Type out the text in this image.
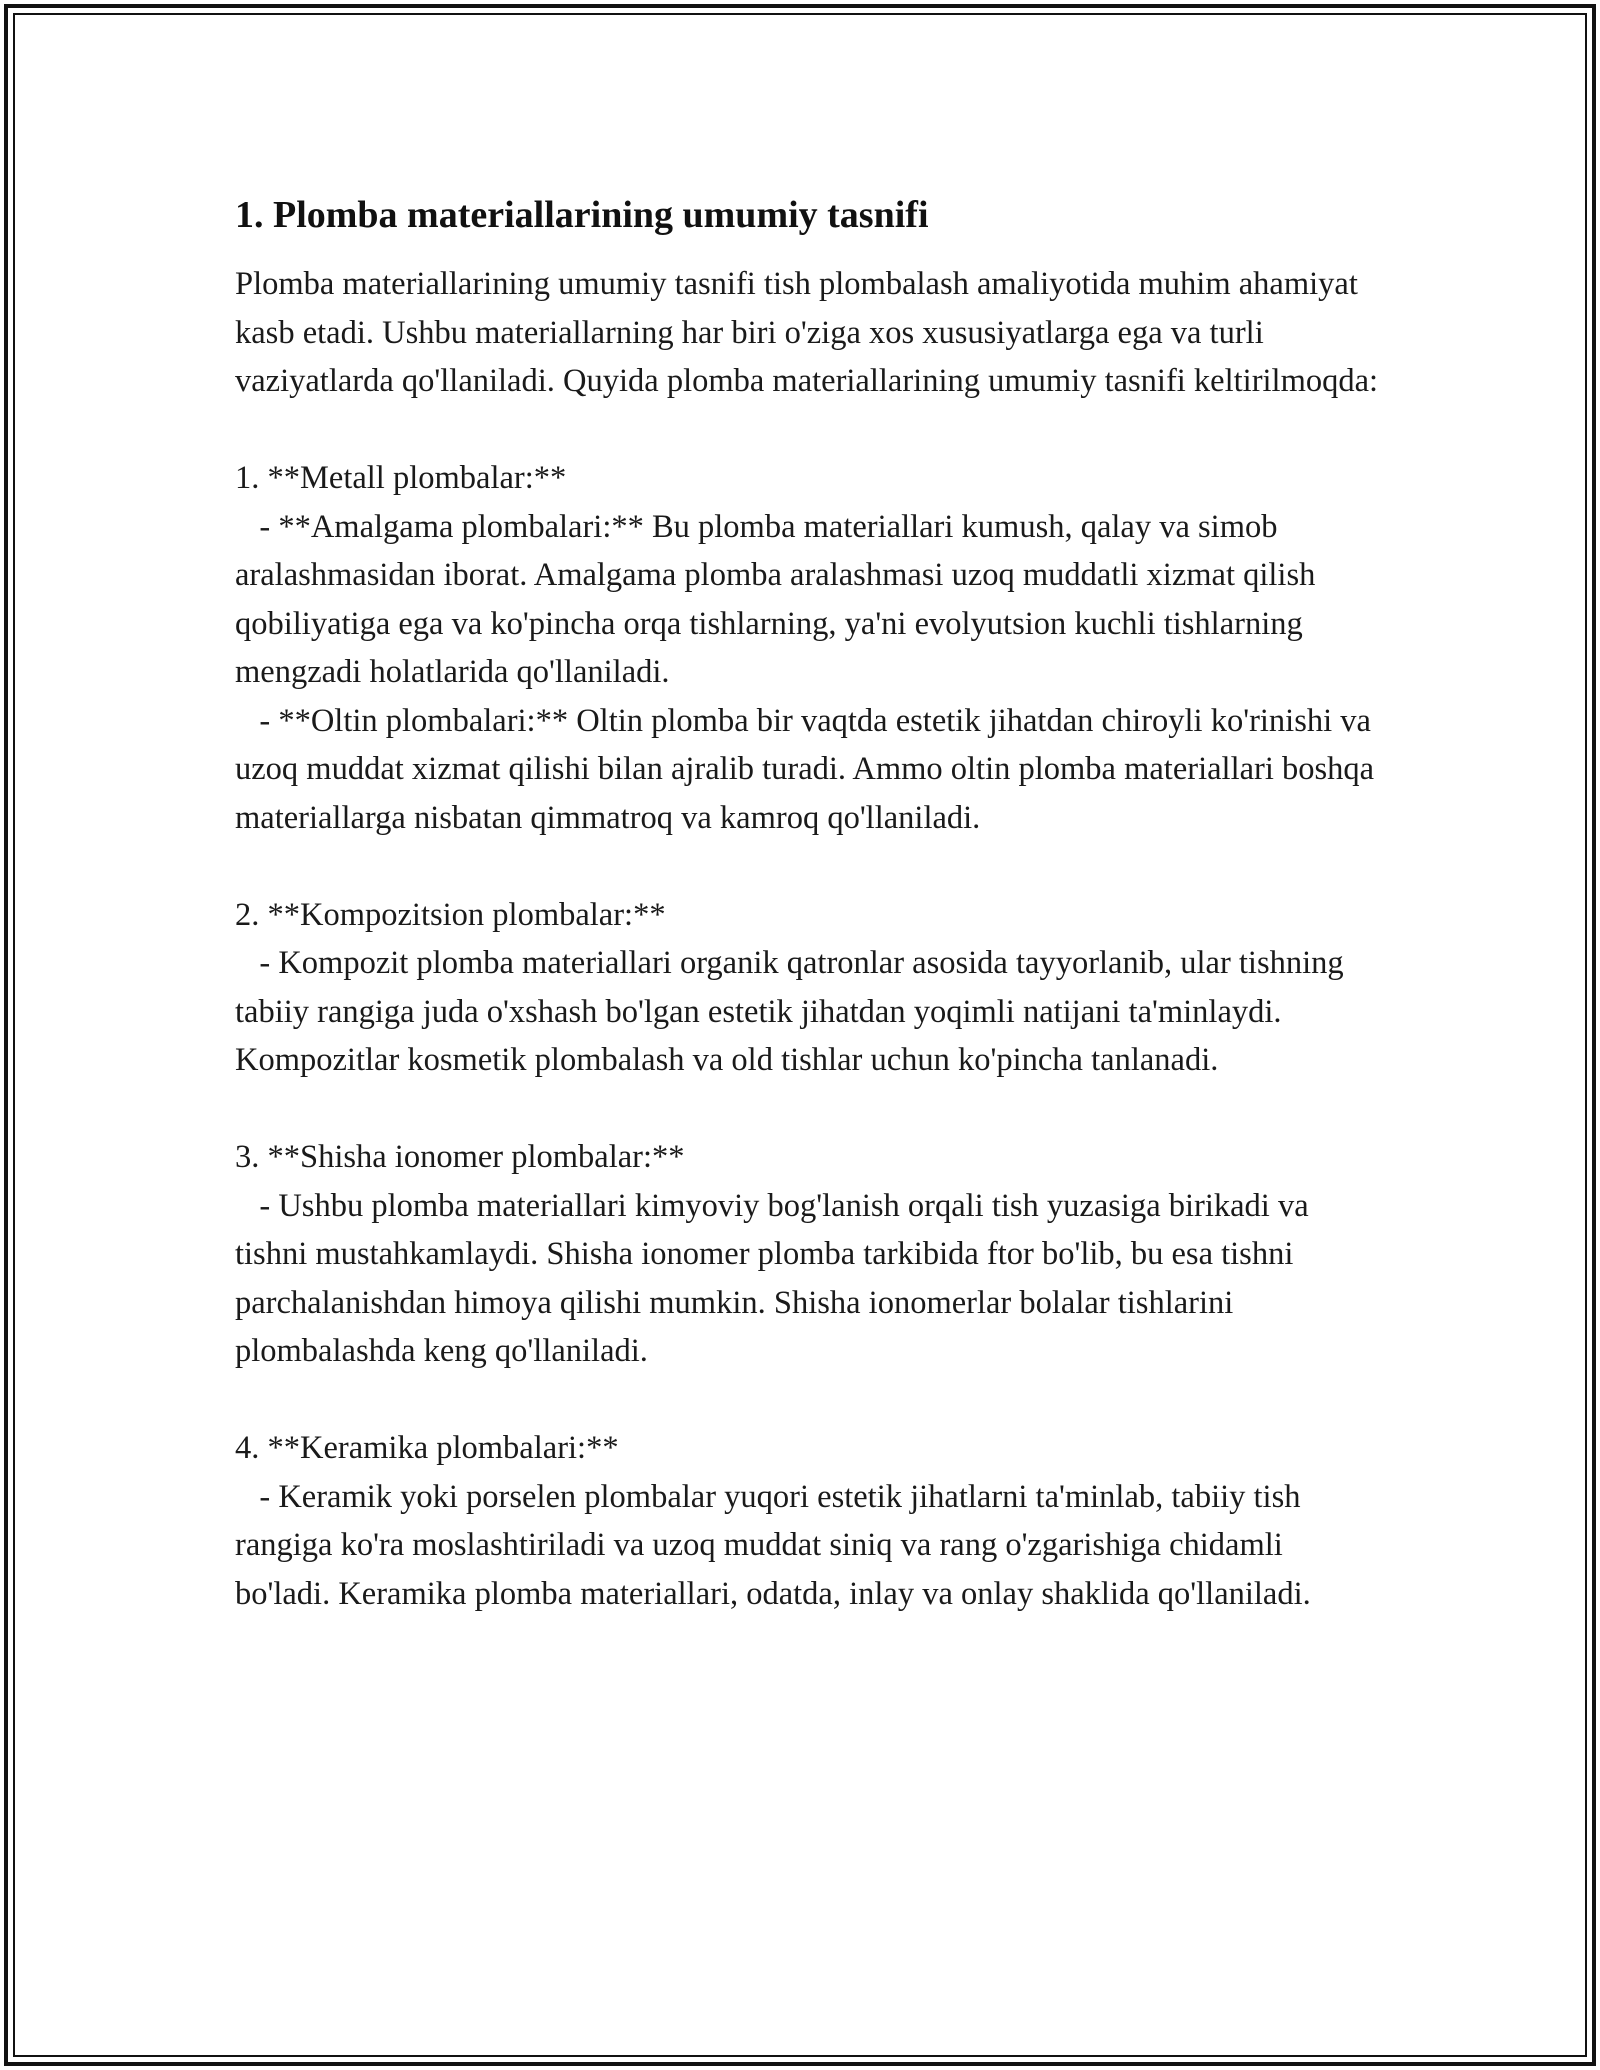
1. Plomba materiallarining umumiy tasnifi

Plomba materiallarining umumiy tasnifi tish plombalash amaliyotida muhim ahamiyat kasb etadi. Ushbu materiallarning har biri o'ziga xos xususiyatlarga ega va turli vaziyatlarda qo'llaniladi. Quyida plomba materiallarining umumiy tasnifi keltirilmoqda:

1. **Metall plombalar:**
- **Amalgama plombalari:** Bu plomba materiallari kumush, qalay va simob aralashmasidan iborat. Amalgama plomba aralashmasi uzoq muddatli xizmat qilish qobiliyatiga ega va ko'pincha orqa tishlarning, ya'ni evolyutsion kuchli tishlarning mengzadi holatlarida qo'llaniladi.
- **Oltin plombalari:** Oltin plomba bir vaqtda estetik jihatdan chiroyli ko'rinishi va uzoq muddat xizmat qilishi bilan ajralib turadi. Ammo oltin plomba materiallari boshqa materiallarga nisbatan qimmatroq va kamroq qo'llaniladi.

2. **Kompozitsion plombalar:**
- Kompozit plomba materiallari organik qatronlar asosida tayyorlanib, ular tishning tabiiy rangiga juda o'xshash bo'lgan estetik jihatdan yoqimli natijani ta'minlaydi. Kompozitlar kosmetik plombalash va old tishlar uchun ko'pincha tanlanadi.

3. **Shisha ionomer plombalar:**
- Ushbu plomba materiallari kimyoviy bog'lanish orqali tish yuzasiga birikadi va tishni mustahkamlaydi. Shisha ionomer plomba tarkibida ftor bo'lib, bu esa tishni parchalanishdan himoya qilishi mumkin. Shisha ionomerlar bolalar tishlarini plombalashda keng qo'llaniladi.

4. **Keramika plombalari:**
- Keramik yoki porselen plombalar yuqori estetik jihatlarni ta'minlab, tabiiy tish rangiga ko'ra moslashtiriladi va uzoq muddat siniq va rang o'zgarishiga chidamli bo'ladi. Keramika plomba materiallari, odatda, inlay va onlay shaklida qo'llaniladi.
